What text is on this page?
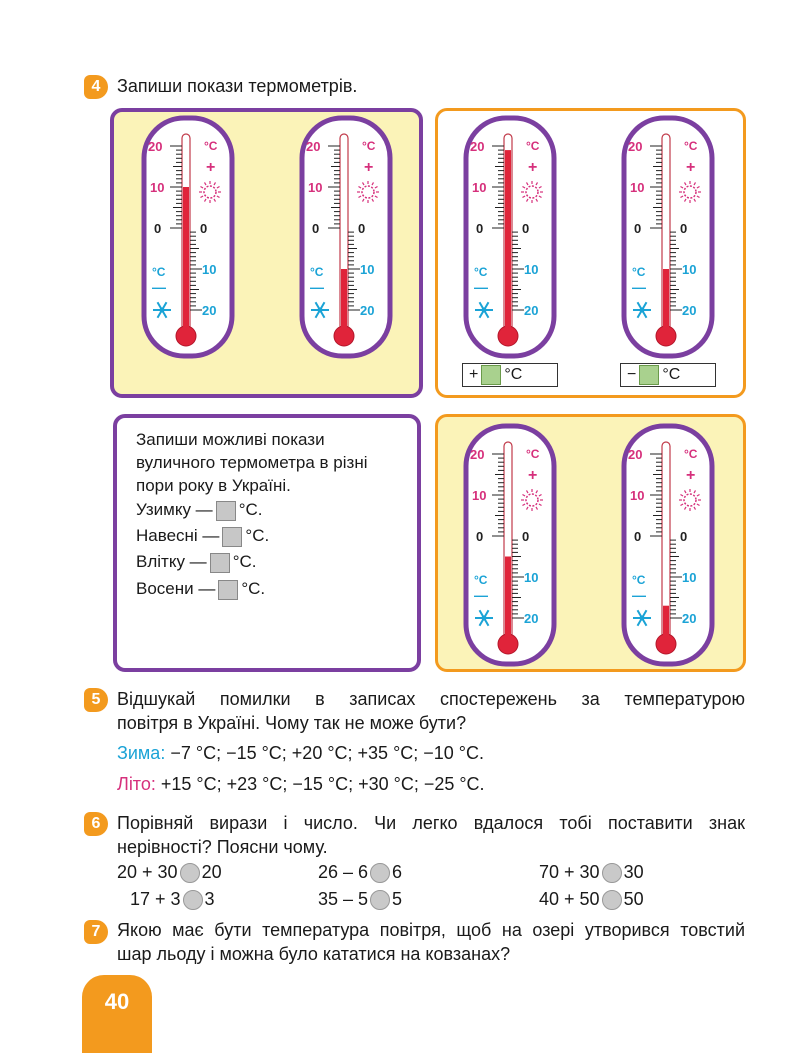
4 Запиши покази термометрів.
20
10
0	0
10
20
°C
+
°C
—
20
10
0	0
10
20
°C
+
°C
—
20
10
0	0
10
20
°C
+
°C
—
20
10
0	0
10
20
°C
+
°C
—
20
10
0	0
10
20
°C
+
°C
—
20
10
0	0
10
20
°C
+
°C
—
+ °C	− °C
Запиши можливі покази
вуличного термометра в різні
пори року в Україні.
Узимку — °C.
Навесні — °C.
Влітку — °C.
Восени — °C.
5 Відшукай помилки в записах спостережень за температурою
повітря в Україні. Чому так не може бути?
Зима: −7 °C; −15 °C; +20 °C; +35 °C; −10 °C.
Літо: +15 °C; +23 °C; −15 °C; +30 °C; −25 °C.
6 Порівняй вирази і число. Чи легко вдалося тобі поставити знак
нерівності? Поясни чому.
20 + 30 20	26 – 6 6	70 + 30 30
17 + 3 3	35 – 5 5	40 + 50 50
7 Якою має бути температура повітря, щоб на озері утворився товстий
шар льоду і можна було кататися на ковзанах?
40
